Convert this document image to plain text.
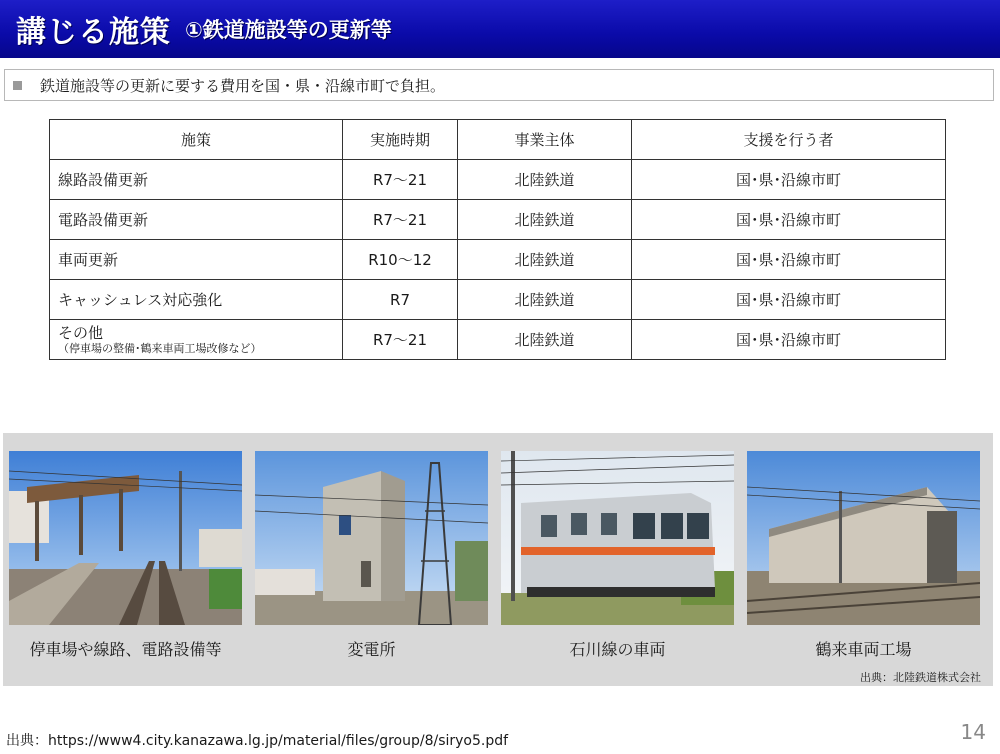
講じる施策 ①鉄道施設等の更新等
鉄道施設等の更新に要する費用を国・県・沿線市町で負担。
施策	実施時期	事業主体	支援を行う者
線路設備更新	R7～21	北陸鉄道	国･県･沿線市町
電路設備更新	R7～21	北陸鉄道	国･県･沿線市町
車両更新	R10～12	北陸鉄道	国･県･沿線市町
キャッシュレス対応強化	R7	北陸鉄道	国･県･沿線市町

その他
（停車場の整備･鶴来車両工場改修など）	R7～21	北陸鉄道	国･県･沿線市町
停車場や線路、電路設備等	変電所	石川線の車両	鶴来車両工場
出典：北陸鉄道株式会社
出典：https://www4.city.kanazawa.lg.jp/material/files/group/8/siryo5.pdf	14
